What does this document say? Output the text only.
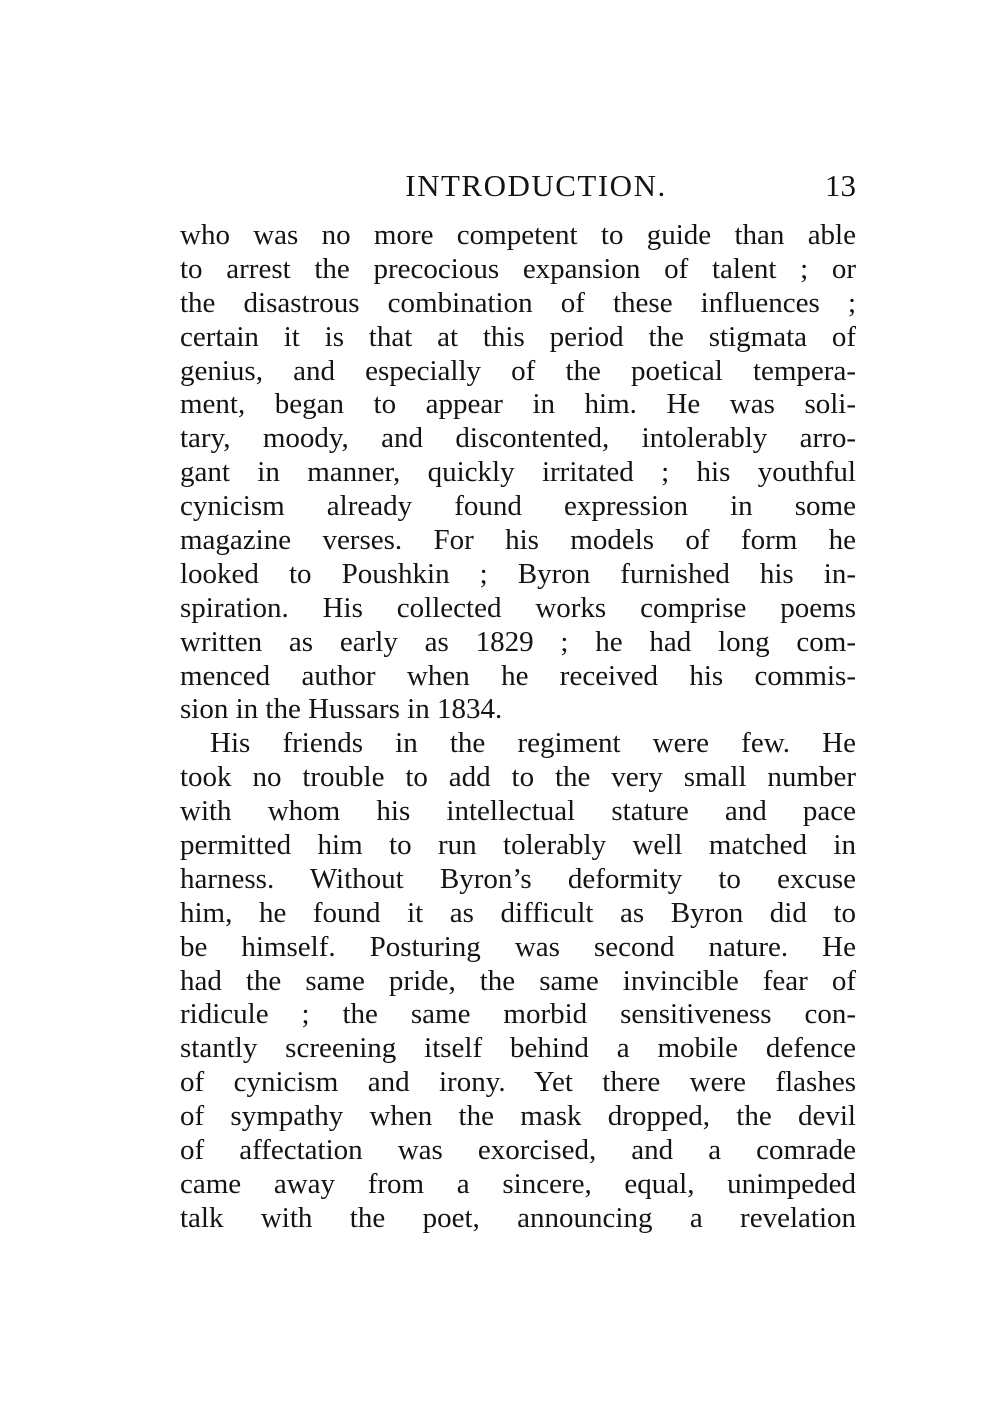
INTRODUCTION.	13
who was no more competent to guide than able
to arrest the precocious expansion of talent ; or
the disastrous combination of these influences ;
certain it is that at this period the stigmata of
genius, and especially of the poetical tempera-
ment, began to appear in him. He was soli-
tary, moody, and discontented, intolerably arro-
gant in manner, quickly irritated ; his youthful
cynicism already found expression in some
magazine verses. For his models of form he
looked to Poushkin ; Byron furnished his in-
spiration. His collected works comprise poems
written as early as 1829 ; he had long com-
menced author when he received his commis-
sion in the Hussars in 1834.
His friends in the regiment were few. He
took no trouble to add to the very small number
with whom his intellectual stature and pace
permitted him to run tolerably well matched in
harness. Without Byron’s deformity to excuse
him, he found it as difficult as Byron did to
be himself. Posturing was second nature. He
had the same pride, the same invincible fear of
ridicule ; the same morbid sensitiveness con-
stantly screening itself behind a mobile defence
of cynicism and irony. Yet there were flashes
of sympathy when the mask dropped, the devil
of affectation was exorcised, and a comrade
came away from a sincere, equal, unimpeded
talk with the poet, announcing a revelation
